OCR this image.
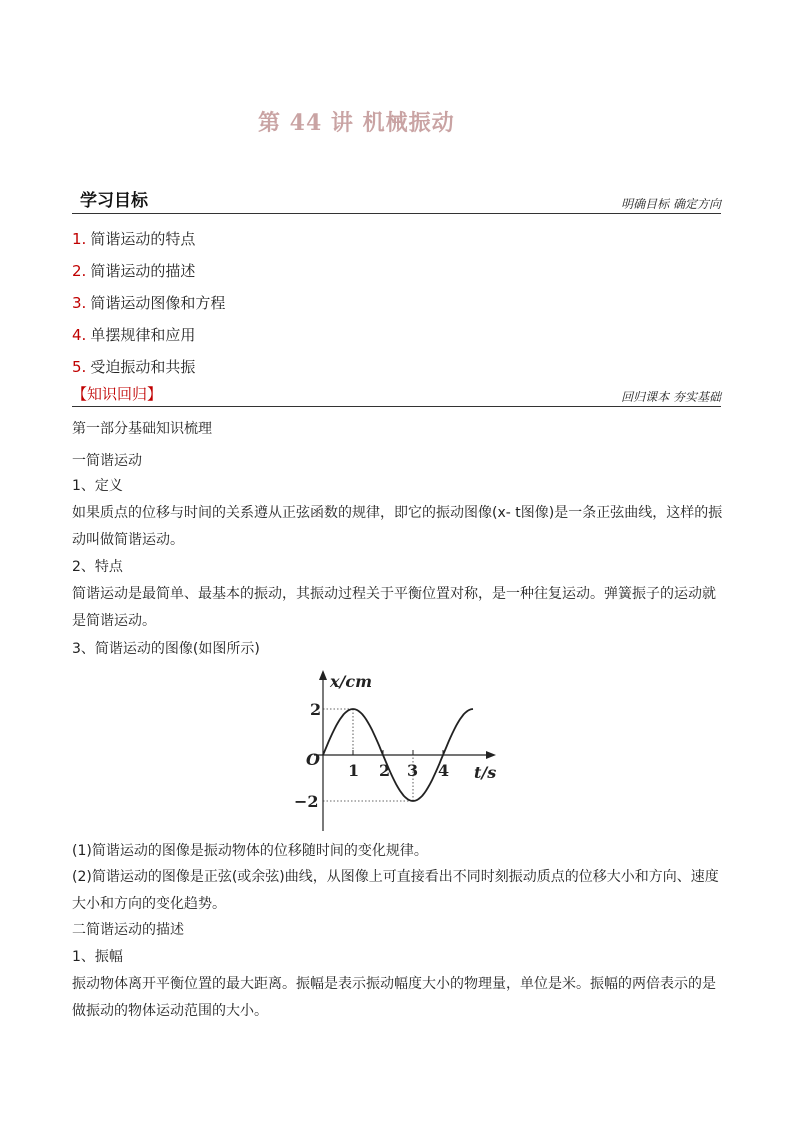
第 44 讲 机械振动
学习目标	明确目标 确定方向
1. 简谐运动的特点
2. 简谐运动的描述
3. 简谐运动图像和方程
4. 单摆规律和应用
5. 受迫振动和共振
【知识回归】	回归课本 夯实基础

第一部分基础知识梳理

一简谐运动

1、定义

如果质点的位移与时间的关系遵从正弦函数的规律，即它的振动图像(x- t图像)是一条正弦曲线，这样的振动叫做简谐运动。

2、特点

简谐运动是最简单、最基本的振动，其振动过程关于平衡位置对称，是一种往复运动。弹簧振子的运动就是简谐运动。

3、简谐运动的图像(如图所示)

1 2 3 4
2
−2
x/cm
t/s
O

(1)简谐运动的图像是振动物体的位移随时间的变化规律。

(2)简谐运动的图像是正弦(或余弦)曲线，从图像上可直接看出不同时刻振动质点的位移大小和方向、速度大小和方向的变化趋势。

二简谐运动的描述

1、振幅

振动物体离开平衡位置的最大距离。振幅是表示振动幅度大小的物理量，单位是米。振幅的两倍表示的是做振动的物体运动范围的大小。
